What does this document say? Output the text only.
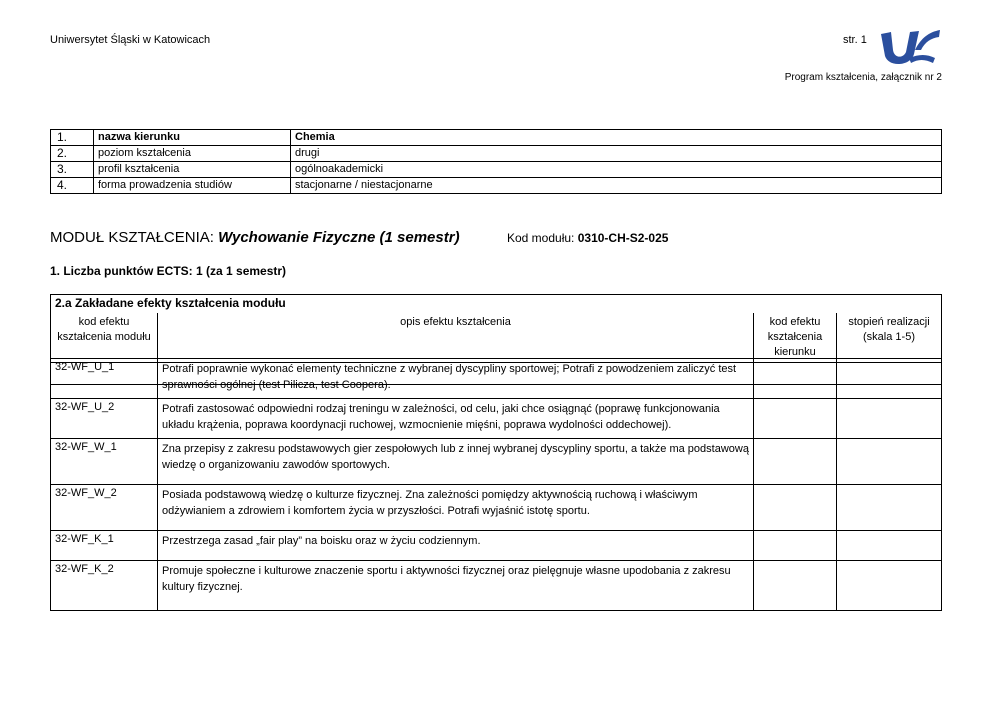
Uniwersytet Śląski w Katowicach	str. 1
Program kształcenia, załącznik nr 2
1.	nazwa kierunku	Chemia
2.	poziom kształcenia	drugi
3.	profil kształcenia	ogólnoakademicki
4.	forma prowadzenia studiów	stacjonarne / niestacjonarne
MODUŁ KSZTAŁCENIA: Wychowanie Fizyczne (1 semestr)	Kod modułu: 0310-CH-S2-025
1. Liczba punktów ECTS: 1 (za 1 semestr)
2.a Zakładane efekty kształcenia modułu			
kod efektu kształcenia modułu	opis efektu kształcenia	kod efektu kształcenia kierunku	stopień realizacji (skala 1-5)

32-WF_U_1	Potrafi poprawnie wykonać elementy techniczne z wybranej dyscypliny sportowej; Potrafi z powodzeniem zaliczyć test sprawności ogólnej (test Pilicza, test Coopera).		
32-WF_U_2	Potrafi zastosować odpowiedni rodzaj treningu w zależności, od celu, jaki chce osiągnąć (poprawę funkcjonowania układu krążenia, poprawa koordynacji ruchowej, wzmocnienie mięśni, poprawa wydolności oddechowej).		
32-WF_W_1	Zna przepisy z zakresu podstawowych gier zespołowych lub z innej wybranej dyscypliny sportu, a także ma podstawową wiedzę o organizowaniu zawodów sportowych.		
32-WF_W_2	Posiada podstawową wiedzę o kulturze fizycznej. Zna zależności pomiędzy aktywnością ruchową i właściwym odżywianiem a zdrowiem i komfortem życia w przyszłości. Potrafi wyjaśnić istotę sportu.		
32-WF_K_1	Przestrzega zasad „fair play” na boisku oraz w życiu codziennym.		
32-WF_K_2	Promuje społeczne i kulturowe znaczenie sportu i aktywności fizycznej oraz pielęgnuje własne upodobania z zakresu kultury fizycznej.		
